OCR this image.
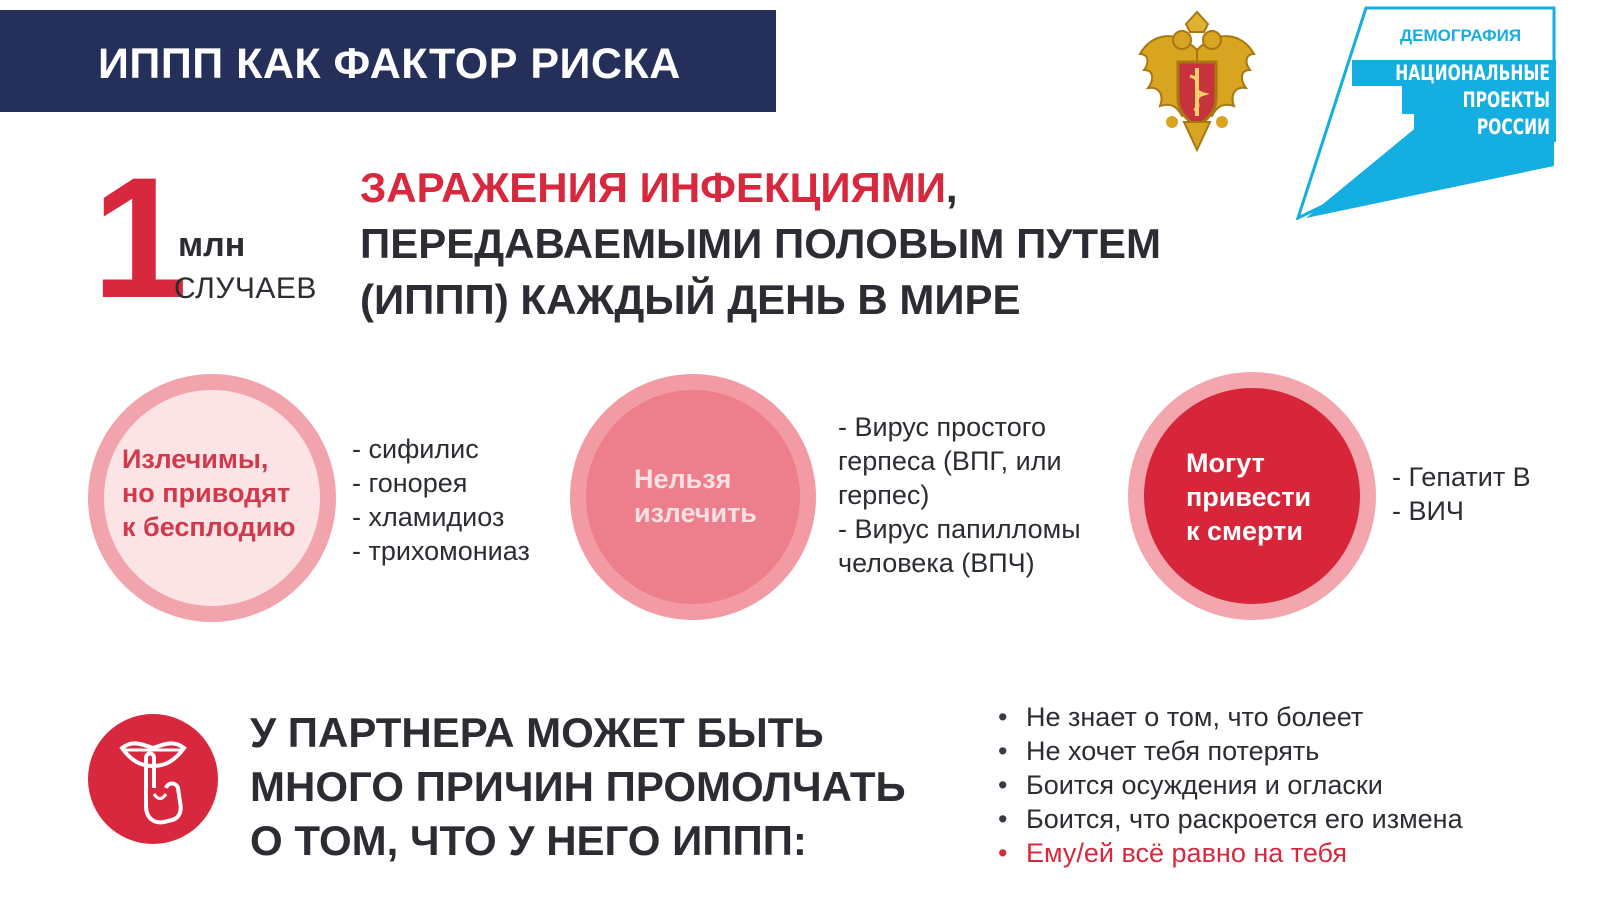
ИППП КАК ФАКТОР РИСКА
ДЕМОГРАФИЯ
НАЦИОНАЛЬНЫЕ
ПРОЕКТЫ
РОССИИ
1
млн
СЛУЧАЕВ
ЗАРАЖЕНИЯ ИНФЕКЦИЯМИ,
ПЕРЕДАВАЕМЫМИ ПОЛОВЫМ ПУТЕМ
(ИППП) КАЖДЫЙ ДЕНЬ В МИРЕ
Излечимы,
но приводят
к бесплодию
- сифилис
- гонорея
- хламидиоз
- трихомониаз
Нельзя
излечить
- Вирус простого
герпеса (ВПГ, или
герпес)
- Вирус папилломы
человека (ВПЧ)
Могут
привести
к смерти
- Гепатит B
- ВИЧ
У ПАРТНЕРА МОЖЕТ БЫТЬ
МНОГО ПРИЧИН ПРОМОЛЧАТЬ
О ТОМ, ЧТО У НЕГО ИППП:
• Не знает о том, что болеет
• Не хочет тебя потерять
• Боится осуждения и огласки
• Боится, что раскроется его измена
• Ему/ей всё равно на тебя
